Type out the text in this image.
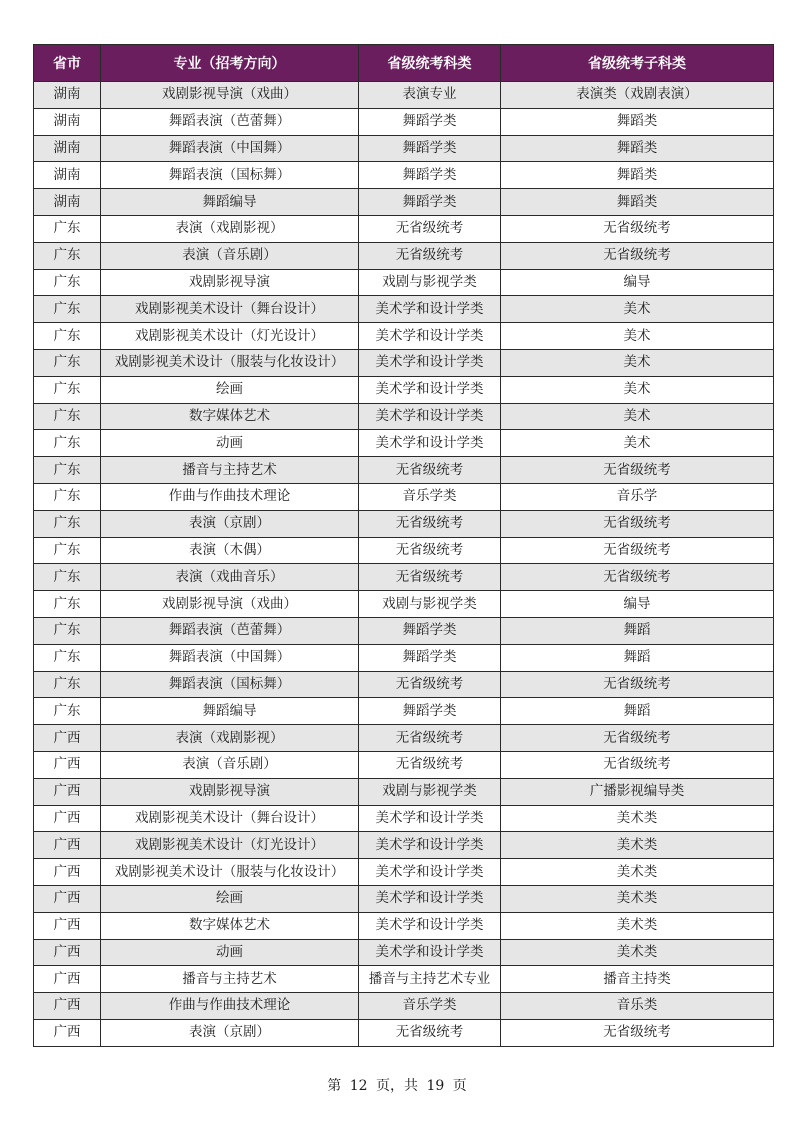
省市	专业（招考方向）	省级统考科类	省级统考子科类
湖南	戏剧影视导演（戏曲）	表演专业	表演类（戏剧表演）
湖南	舞蹈表演（芭蕾舞）	舞蹈学类	舞蹈类
湖南	舞蹈表演（中国舞）	舞蹈学类	舞蹈类
湖南	舞蹈表演（国标舞）	舞蹈学类	舞蹈类
湖南	舞蹈编导	舞蹈学类	舞蹈类
广东	表演（戏剧影视）	无省级统考	无省级统考
广东	表演（音乐剧）	无省级统考	无省级统考
广东	戏剧影视导演	戏剧与影视学类	编导
广东	戏剧影视美术设计（舞台设计）	美术学和设计学类	美术
广东	戏剧影视美术设计（灯光设计）	美术学和设计学类	美术
广东	戏剧影视美术设计（服装与化妆设计）	美术学和设计学类	美术
广东	绘画	美术学和设计学类	美术
广东	数字媒体艺术	美术学和设计学类	美术
广东	动画	美术学和设计学类	美术
广东	播音与主持艺术	无省级统考	无省级统考
广东	作曲与作曲技术理论	音乐学类	音乐学
广东	表演（京剧）	无省级统考	无省级统考
广东	表演（木偶）	无省级统考	无省级统考
广东	表演（戏曲音乐）	无省级统考	无省级统考
广东	戏剧影视导演（戏曲）	戏剧与影视学类	编导
广东	舞蹈表演（芭蕾舞）	舞蹈学类	舞蹈
广东	舞蹈表演（中国舞）	舞蹈学类	舞蹈
广东	舞蹈表演（国标舞）	无省级统考	无省级统考
广东	舞蹈编导	舞蹈学类	舞蹈
广西	表演（戏剧影视）	无省级统考	无省级统考
广西	表演（音乐剧）	无省级统考	无省级统考
广西	戏剧影视导演	戏剧与影视学类	广播影视编导类
广西	戏剧影视美术设计（舞台设计）	美术学和设计学类	美术类
广西	戏剧影视美术设计（灯光设计）	美术学和设计学类	美术类
广西	戏剧影视美术设计（服装与化妆设计）	美术学和设计学类	美术类
广西	绘画	美术学和设计学类	美术类
广西	数字媒体艺术	美术学和设计学类	美术类
广西	动画	美术学和设计学类	美术类
广西	播音与主持艺术	播音与主持艺术专业	播音主持类
广西	作曲与作曲技术理论	音乐学类	音乐类
广西	表演（京剧）	无省级统考	无省级统考
第 12 页，共 19 页
